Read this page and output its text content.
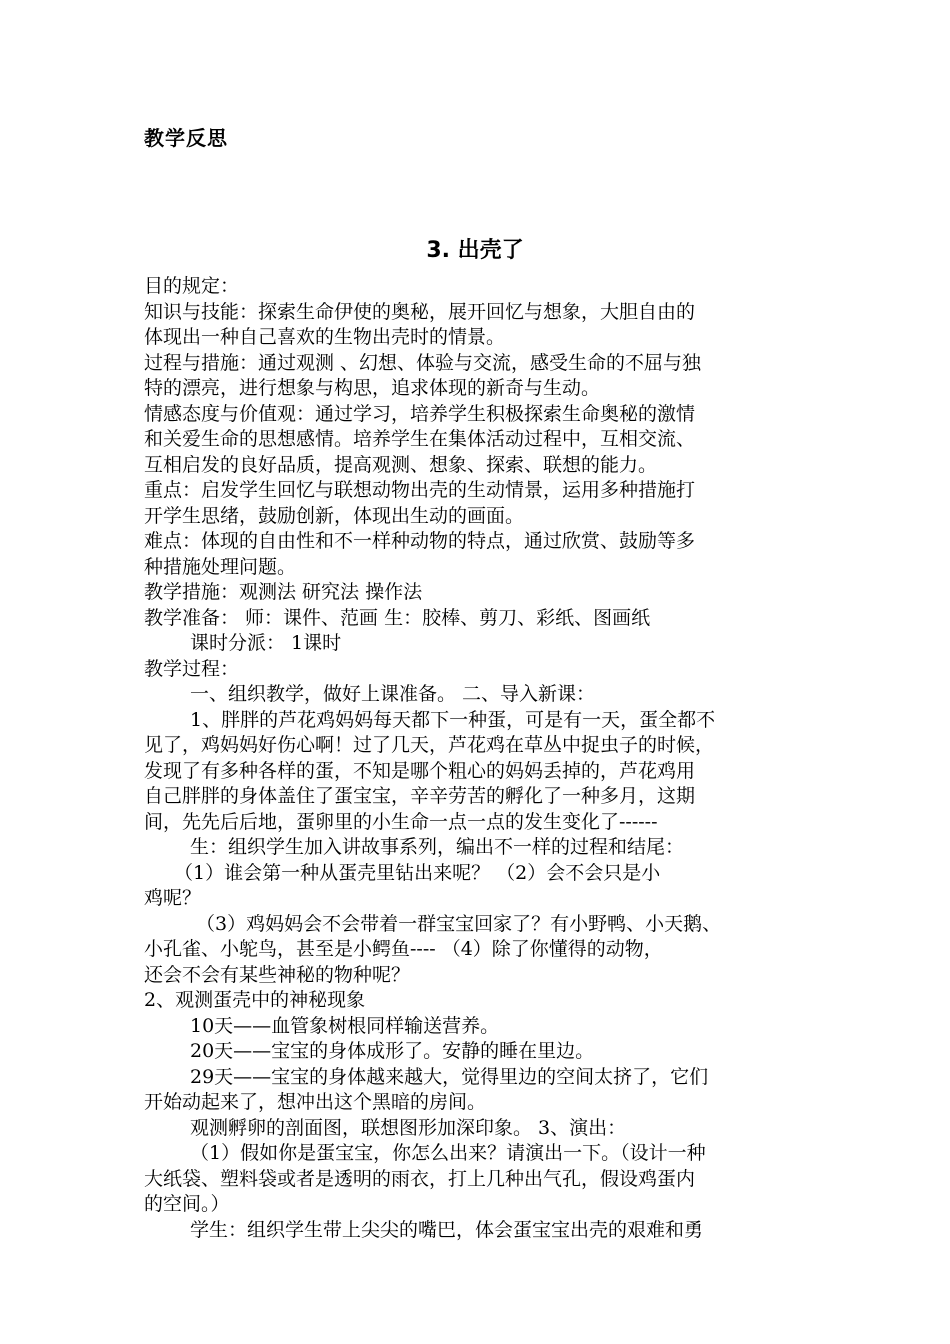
教学反思
3. 出壳了

目的规定：

知识与技能：探索生命伊使的奥秘，展开回忆与想象，大胆自由的

体现出一种自己喜欢的生物出壳时的情景。

过程与措施：通过观测 、幻想、体验与交流，感受生命的不屈与独

特的漂亮，进行想象与构思，追求体现的新奇与生动。

情感态度与价值观：通过学习，培养学生积极探索生命奥秘的激情

和关爱生命的思想感情。培养学生在集体活动过程中，互相交流、

互相启发的良好品质，提高观测、想象、探索、联想的能力。

重点：启发学生回忆与联想动物出壳的生动情景，运用多种措施打

开学生思绪，鼓励创新，体现出生动的画面。

难点：体现的自由性和不一样种动物的特点，通过欣赏、鼓励等多

种措施处理问题。

教学措施：观测法 研究法 操作法

教学准备： 师：课件、范画 生：胶棒、剪刀、彩纸、图画纸

课时分派： 1课时

教学过程：

一、组织教学，做好上课准备。 二、导入新课：

1、胖胖的芦花鸡妈妈每天都下一种蛋，可是有一天，蛋全都不

见了，鸡妈妈好伤心啊！过了几天，芦花鸡在草丛中捉虫子的时候，

发现了有多种各样的蛋，不知是哪个粗心的妈妈丢掉的，芦花鸡用

自己胖胖的身体盖住了蛋宝宝，辛辛劳苦的孵化了一种多月，这期

间，先先后后地，蛋卵里的小生命一点一点的发生变化了------

生：组织学生加入讲故事系列，编出不一样的过程和结尾：

（1）谁会第一种从蛋壳里钻出来呢？ （2）会不会只是小

鸡呢？

（3）鸡妈妈会不会带着一群宝宝回家了？有小野鸭、小天鹅、

小孔雀、小鸵鸟，甚至是小鳄鱼---- （4）除了你懂得的动物，

还会不会有某些神秘的物种呢？

2、观测蛋壳中的神秘现象

10天——血管象树根同样输送营养。

20天——宝宝的身体成形了。安静的睡在里边。

29天——宝宝的身体越来越大，觉得里边的空间太挤了，它们

开始动起来了，想冲出这个黑暗的房间。

观测孵卵的剖面图，联想图形加深印象。 3、演出：

（1）假如你是蛋宝宝，你怎么出来？请演出一下。（设计一种

大纸袋、塑料袋或者是透明的雨衣，打上几种出气孔，假设鸡蛋内

的空间。）

学生：组织学生带上尖尖的嘴巴，体会蛋宝宝出壳的艰难和勇
